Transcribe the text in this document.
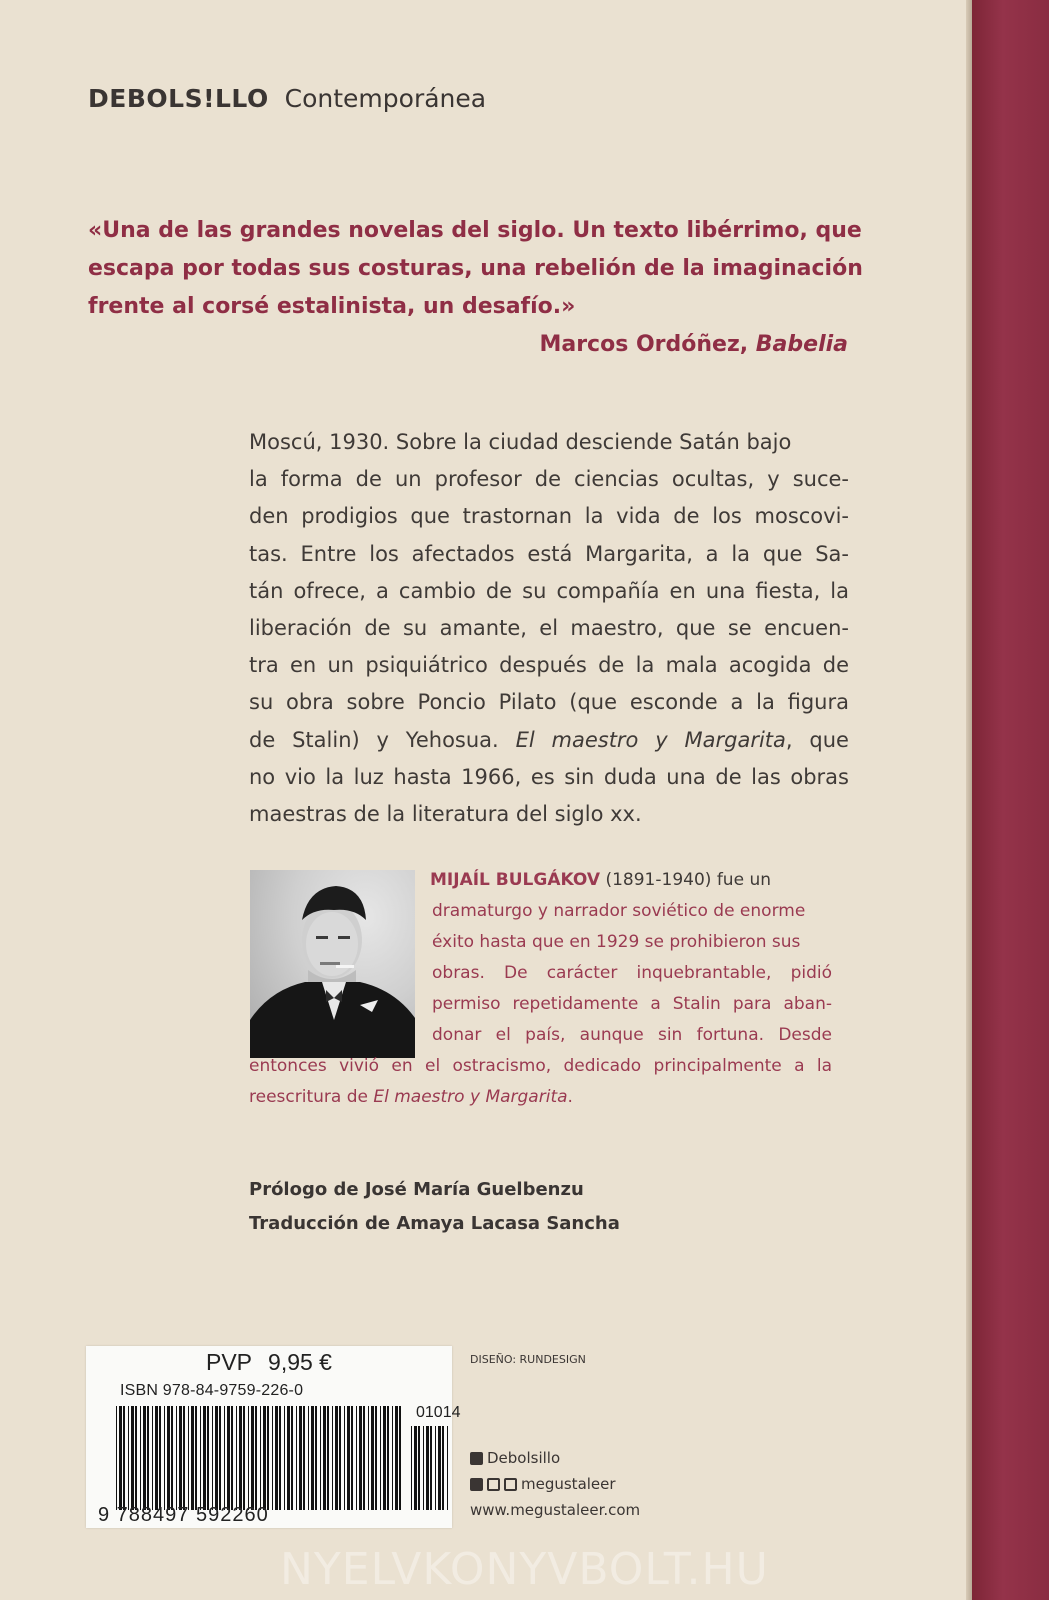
DEBOLS!LLO Contemporánea

«Una de las grandes novelas del siglo. Un texto libérrimo, que

escapa por todas sus costuras, una rebelión de la imaginación

frente al corsé estalinista, un desafío.»

Marcos Ordóñez, Babelia
Moscú, 1930. Sobre la ciudad desciende Satán bajo
la forma de un profesor de ciencias ocultas, y suce-
den prodigios que trastornan la vida de los moscovi-
tas. Entre los afectados está Margarita, a la que Sa-
tán ofrece, a cambio de su compañía en una fiesta, la
liberación de su amante, el maestro, que se encuen-
tra en un psiquiátrico después de la mala acogida de
su obra sobre Poncio Pilato (que esconde a la figura
de Stalin) y Yehosua. El maestro y Margarita, que
no vio la luz hasta 1966, es sin duda una de las obras
maestras de la literatura del siglo xx.
MIJAÍL BULGÁKOV (1891-1940) fue un
dramaturgo y narrador soviético de enorme
éxito hasta que en 1929 se prohibieron sus
obras. De carácter inquebrantable, pidió
permiso repetidamente a Stalin para aban-
donar el país, aunque sin fortuna. Desde
entonces vivió en el ostracismo, dedicado principalmente a la
reescritura de El maestro y Margarita.
Prólogo de José María Guelbenzu
Traducción de Amaya Lacasa Sancha
PVP 9,95 €
ISBN 978-84-9759-226-0
01014
9 788497 592260
DISEÑO: RUNDESIGN
Debolsillo
megustaleer
www.megustaleer.com
NYELVKONYVBOLT.HU
